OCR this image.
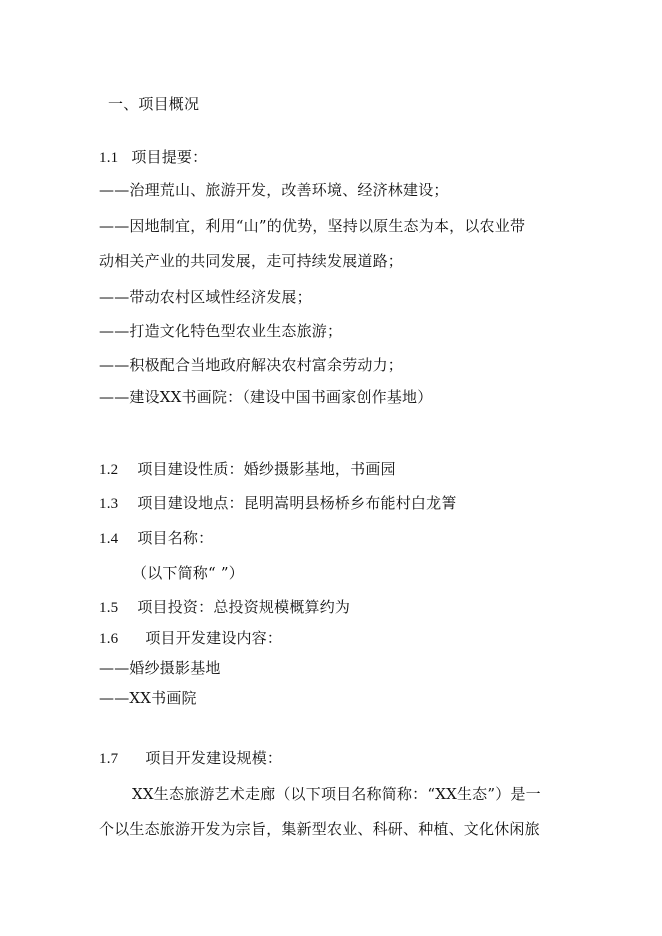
一、项目概况
1.1 项目提要：
——治理荒山、旅游开发，改善环境、经济林建设；
——因地制宜，利用“山”的优势，坚持以原生态为本，以农业带
动相关产业的共同发展，走可持续发展道路；
——带动农村区域性经济发展；
——打造文化特色型农业生态旅游；
——积极配合当地政府解决农村富余劳动力；
——建设XX书画院：（建设中国书画家创作基地）
1.2 项目建设性质：婚纱摄影基地，书画园
1.3 项目建设地点：昆明嵩明县杨桥乡布能村白龙箐
1.4 项目名称：
（以下简称“ ”）
1.5 项目投资：总投资规模概算约为
1.6 项目开发建设内容：
——婚纱摄影基地
——XX书画院
1.7 项目开发建设规模：
XX生态旅游艺术走廊（以下项目名称简称：“XX生态”）是一
个以生态旅游开发为宗旨，集新型农业、科研、种植、文化休闲旅
